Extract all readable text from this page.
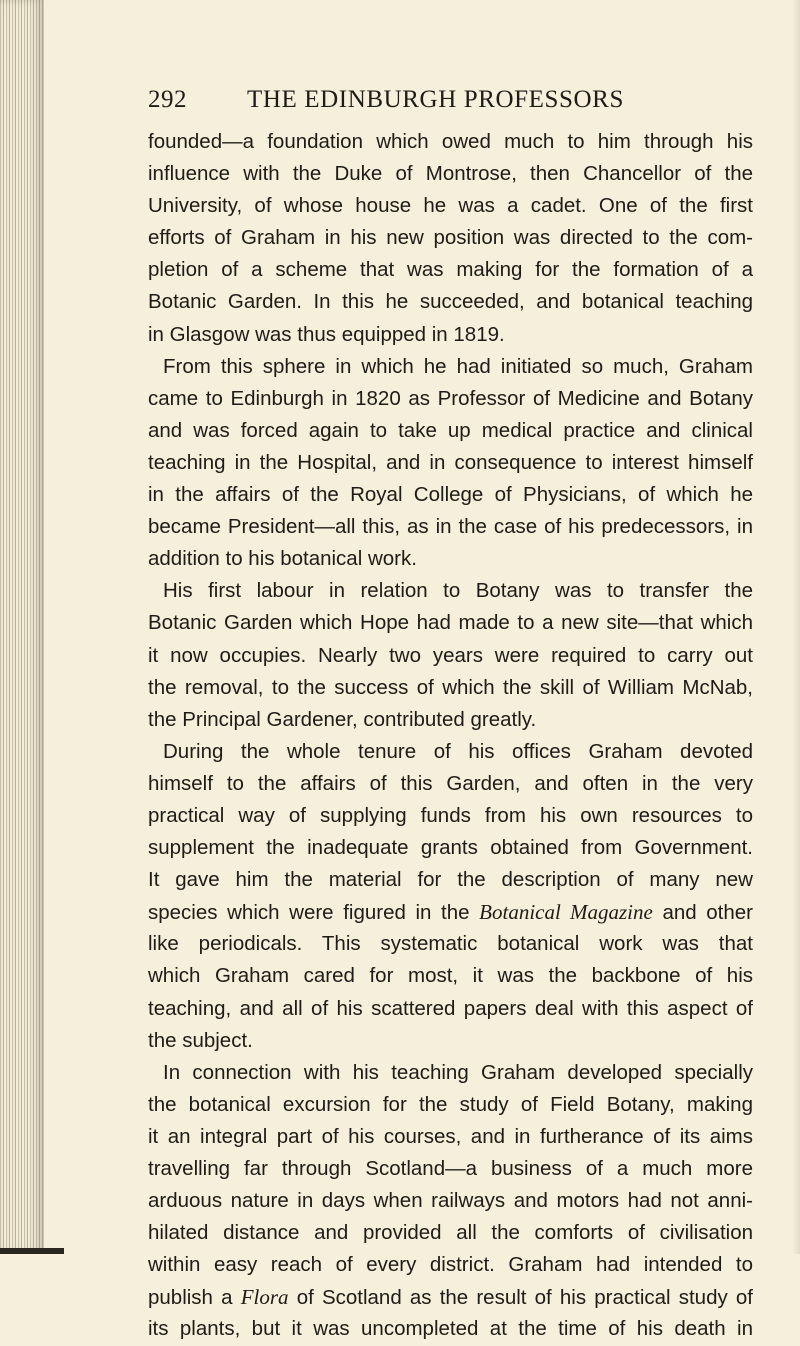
292 THE EDINBURGH PROFESSORS
founded—a foundation which owed much to him through his
influence with the Duke of Montrose, then Chancellor of the
University, of whose house he was a cadet. One of the first
efforts of Graham in his new position was directed to the com-
pletion of a scheme that was making for the formation of a
Botanic Garden. In this he succeeded, and botanical teaching
in Glasgow was thus equipped in 1819.
From this sphere in which he had initiated so much, Graham
came to Edinburgh in 1820 as Professor of Medicine and Botany
and was forced again to take up medical practice and clinical
teaching in the Hospital, and in consequence to interest himself
in the affairs of the Royal College of Physicians, of which he
became President—all this, as in the case of his predecessors, in
addition to his botanical work.
His first labour in relation to Botany was to transfer the
Botanic Garden which Hope had made to a new site—that which
it now occupies. Nearly two years were required to carry out
the removal, to the success of which the skill of William McNab,
the Principal Gardener, contributed greatly.
During the whole tenure of his offices Graham devoted
himself to the affairs of this Garden, and often in the very
practical way of supplying funds from his own resources to
supplement the inadequate grants obtained from Government.
It gave him the material for the description of many new
species which were figured in the Botanical Magazine and other
like periodicals. This systematic botanical work was that
which Graham cared for most, it was the backbone of his
teaching, and all of his scattered papers deal with this aspect of
the subject.
In connection with his teaching Graham developed specially
the botanical excursion for the study of Field Botany, making
it an integral part of his courses, and in furtherance of its aims
travelling far through Scotland—a business of a much more
arduous nature in days when railways and motors had not anni-
hilated distance and provided all the comforts of civilisation
within easy reach of every district. Graham had intended to
publish a Flora of Scotland as the result of his practical study of
its plants, but it was uncompleted at the time of his death in
